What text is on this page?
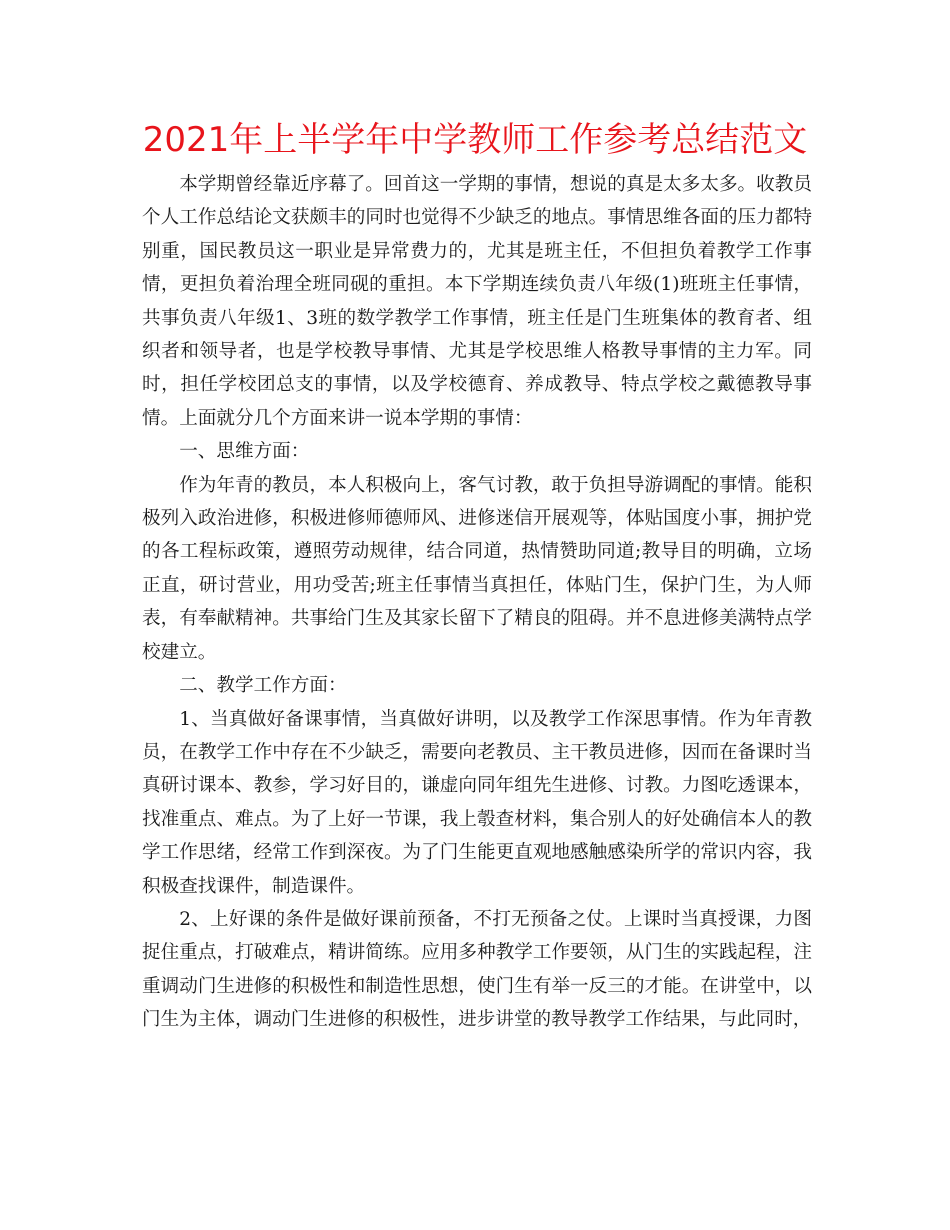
2021年上半学年中学教师工作参考总结范文

本学期曾经靠近序幕了。回首这一学期的事情，想说的真是太多太多。收教员个人工作总结论文获颇丰的同时也觉得不少缺乏的地点。事情思维各面的压力都特别重，国民教员这一职业是异常费力的，尤其是班主任，不但担负着教学工作事情，更担负着治理全班同砚的重担。本下学期连续负责八年级(1)班班主任事情，共事负责八年级1、3班的数学教学工作事情，班主任是门生班集体的教育者、组织者和领导者，也是学校教导事情、尤其是学校思维人格教导事情的主力军。同时，担任学校团总支的事情，以及学校德育、养成教导、特点学校之戴德教导事情。上面就分几个方面来讲一说本学期的事情：

一、思维方面：

作为年青的教员，本人积极向上，客气讨教，敢于负担导游调配的事情。能积极列入政治进修，积极进修师德师风、进修迷信开展观等，体贴国度小事，拥护党的各工程标政策，遵照劳动规律，结合同道，热情赞助同道;教导目的明确，立场正直，研讨营业，用功受苦;班主任事情当真担任，体贴门生，保护门生，为人师表，有奉献精神。共事给门生及其家长留下了精良的阻碍。并不息进修美满特点学校建立。

二、教学工作方面：

1、当真做好备课事情，当真做好讲明，以及教学工作深思事情。作为年青教员，在教学工作中存在不少缺乏，需要向老教员、主干教员进修，因而在备课时当真研讨课本、教参，学习好目的，谦虚向同年组先生进修、讨教。力图吃透课本，找准重点、难点。为了上好一节课，我上彀查材料，集合别人的好处确信本人的教学工作思绪，经常工作到深夜。为了门生能更直观地感触感染所学的常识内容，我积极查找课件，制造课件。

2、上好课的条件是做好课前预备，不打无预备之仗。上课时当真授课，力图捉住重点，打破难点，精讲简练。应用多种教学工作要领，从门生的实践起程，注重调动门生进修的积极性和制造性思想，使门生有举一反三的才能。在讲堂中，以门生为主体，调动门生进修的积极性，进步讲堂的教导教学工作结果，与此同时，
